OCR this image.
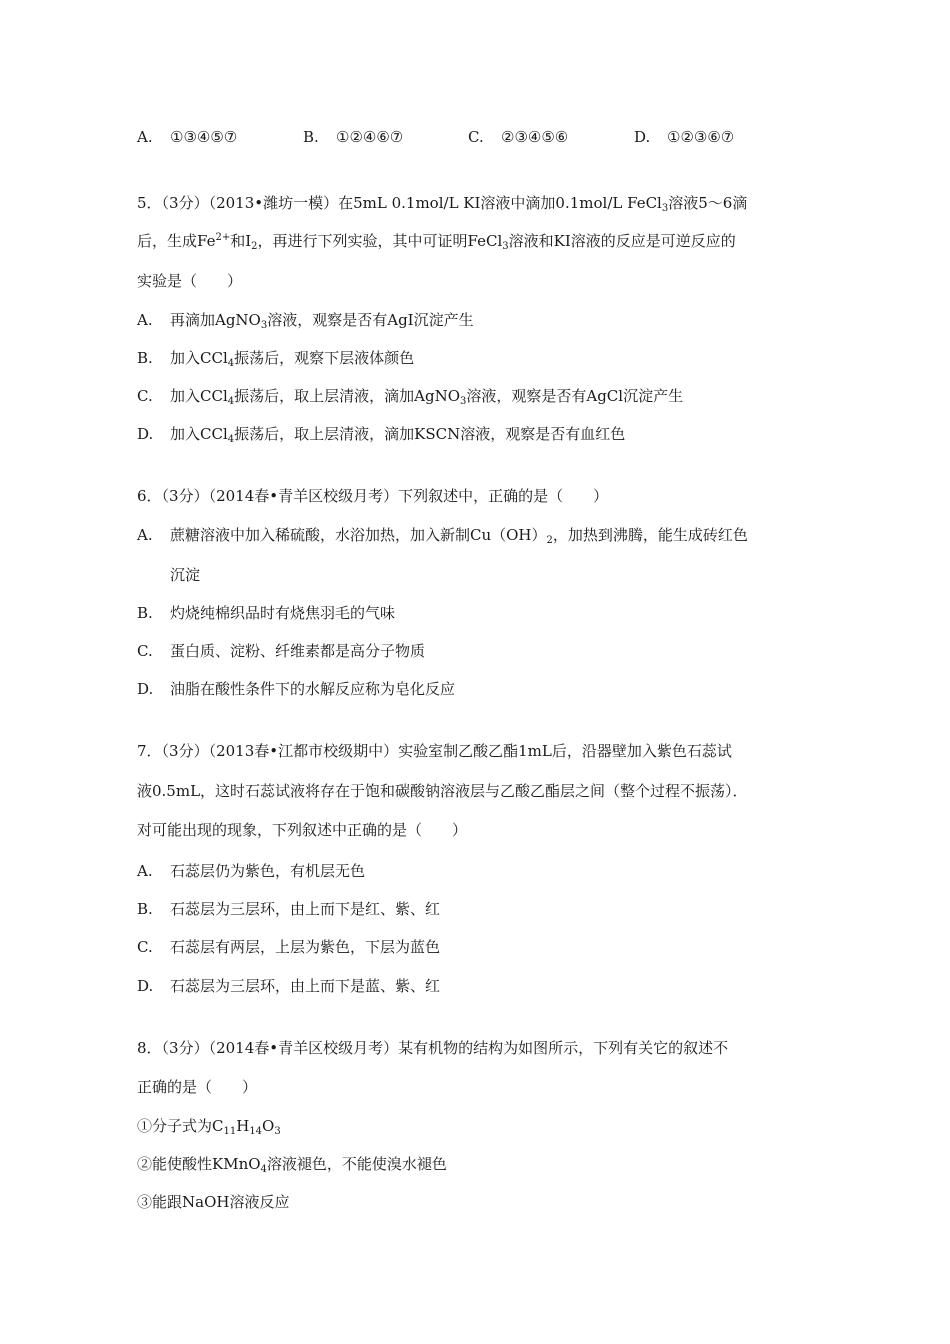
A. ①③④⑤⑦	B. ①②④⑥⑦	C. ②③④⑤⑥	D. ①②③⑥⑦
5．（3分）（2013•潍坊一模）在5mL 0.1mol/L KI溶液中滴加0.1mol/L FeCl$_3$溶液5～6滴
后，生成$Fe^{2+}$和$I_2$，再进行下列实验，其中可证明FeCl$_3$溶液和KI溶液的反应是可逆反应的
实验是（　　）
A. 再滴加AgNO$_3$溶液，观察是否有AgI沉淀产生
B. 加入CCl$_4$振荡后，观察下层液体颜色
C. 加入CCl$_4$振荡后，取上层清液，滴加AgNO$_3$溶液，观察是否有AgCl沉淀产生
D. 加入CCl$_4$振荡后，取上层清液，滴加KSCN溶液，观察是否有血红色
6．（3分）（2014春•青羊区校级月考）下列叙述中，正确的是（　　）
A. 蔗糖溶液中加入稀硫酸，水浴加热，加入新制$Cu(OH)_2$，加热到沸腾，能生成砖红色
沉淀
B. 灼烧纯棉织品时有烧焦羽毛的气味
C. 蛋白质、淀粉、纤维素都是高分子物质
D. 油脂在酸性条件下的水解反应称为皂化反应
7．（3分）（2013春•江都市校级期中）实验室制乙酸乙酯1mL后，沿器壁加入紫色石蕊试
液0.5mL，这时石蕊试液将存在于饱和碳酸钠溶液层与乙酸乙酯层之间（整个过程不振荡）．
对可能出现的现象，下列叙述中正确的是（　　）
A. 石蕊层仍为紫色，有机层无色
B. 石蕊层为三层环，由上而下是红、紫、红
C. 石蕊层有两层，上层为紫色，下层为蓝色
D. 石蕊层为三层环，由上而下是蓝、紫、红
8．（3分）（2014春•青羊区校级月考）某有机物的结构为如图所示，下列有关它的叙述不
正确的是（　　）
①分子式为$C_{11}H_{14}O_3$
②能使酸性KMnO$_4$溶液褪色，不能使溴水褪色
③能跟NaOH溶液反应
